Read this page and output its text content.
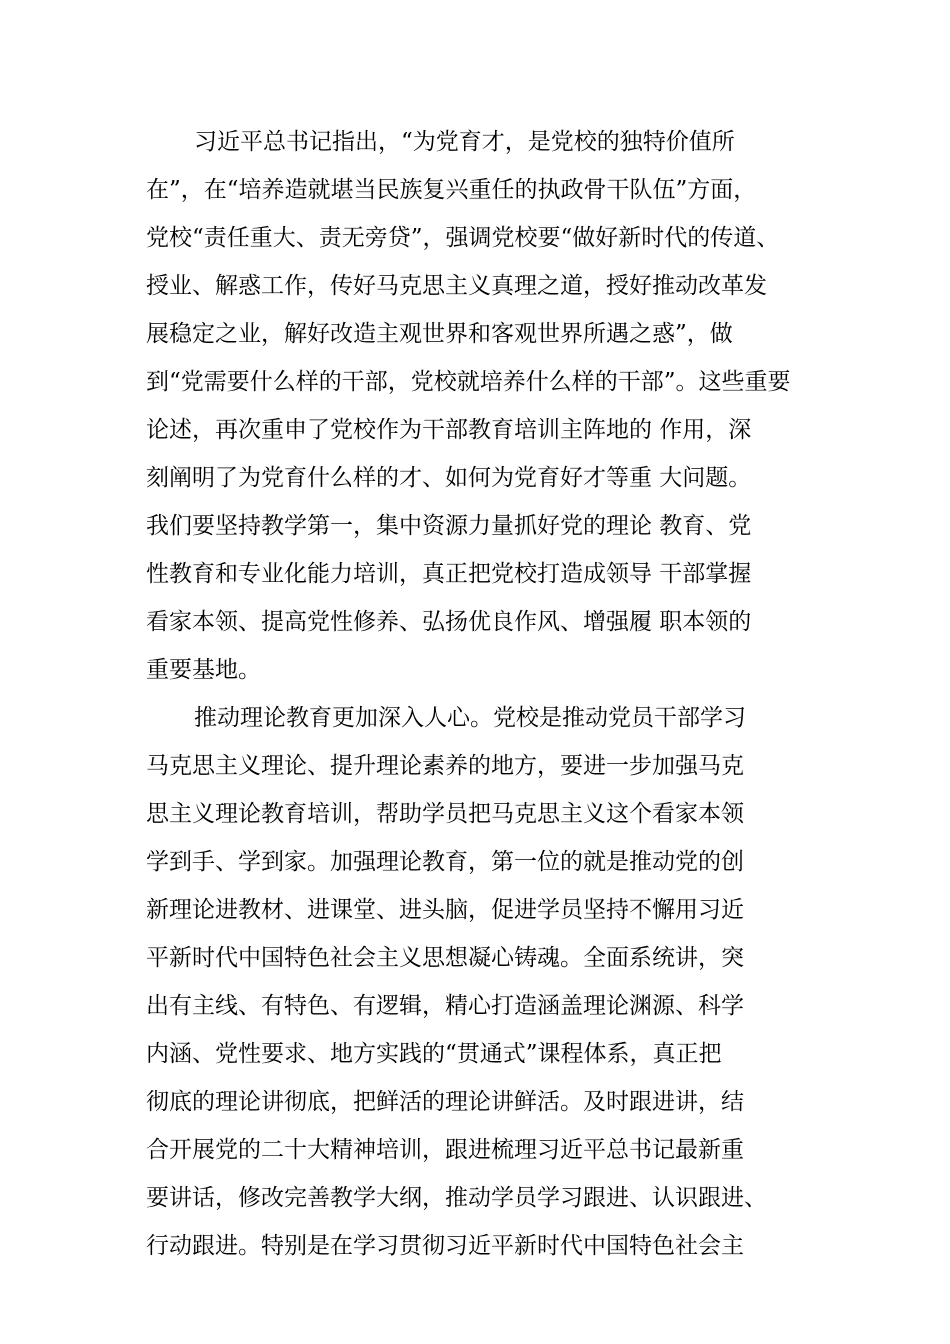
习近平总书记指出，“为党育才，是党校的独特价值所
在”，在“培养造就堪当民族复兴重任的执政骨干队伍”方面，
党校“责任重大、责无旁贷”，强调党校要“做好新时代的传道、
授业、解惑工作，传好马克思主义真理之道，授好推动改革发
展稳定之业，解好改造主观世界和客观世界所遇之惑”，做
到“党需要什么样的干部，党校就培养什么样的干部”。这些重要
论述，再次重申了党校作为干部教育培训主阵地的 作用，深
刻阐明了为党育什么样的才、如何为党育好才等重 大问题。
我们要坚持教学第一，集中资源力量抓好党的理论 教育、党
性教育和专业化能力培训，真正把党校打造成领导 干部掌握
看家本领、提高党性修养、弘扬优良作风、增强履 职本领的
重要基地。
推动理论教育更加深入人心。党校是推动党员干部学习
马克思主义理论、提升理论素养的地方，要进一步加强马克
思主义理论教育培训，帮助学员把马克思主义这个看家本领
学到手、学到家。加强理论教育，第一位的就是推动党的创
新理论进教材、进课堂、进头脑，促进学员坚持不懈用习近
平新时代中国特色社会主义思想凝心铸魂。全面系统讲，突
出有主线、有特色、有逻辑，精心打造涵盖理论渊源、科学
内涵、党性要求、地方实践的“贯通式”课程体系，真正把
彻底的理论讲彻底，把鲜活的理论讲鲜活。及时跟进讲，结
合开展党的二十大精神培训，跟进梳理习近平总书记最新重
要讲话，修改完善教学大纲，推动学员学习跟进、认识跟进、
行动跟进。特别是在学习贯彻习近平新时代中国特色社会主
